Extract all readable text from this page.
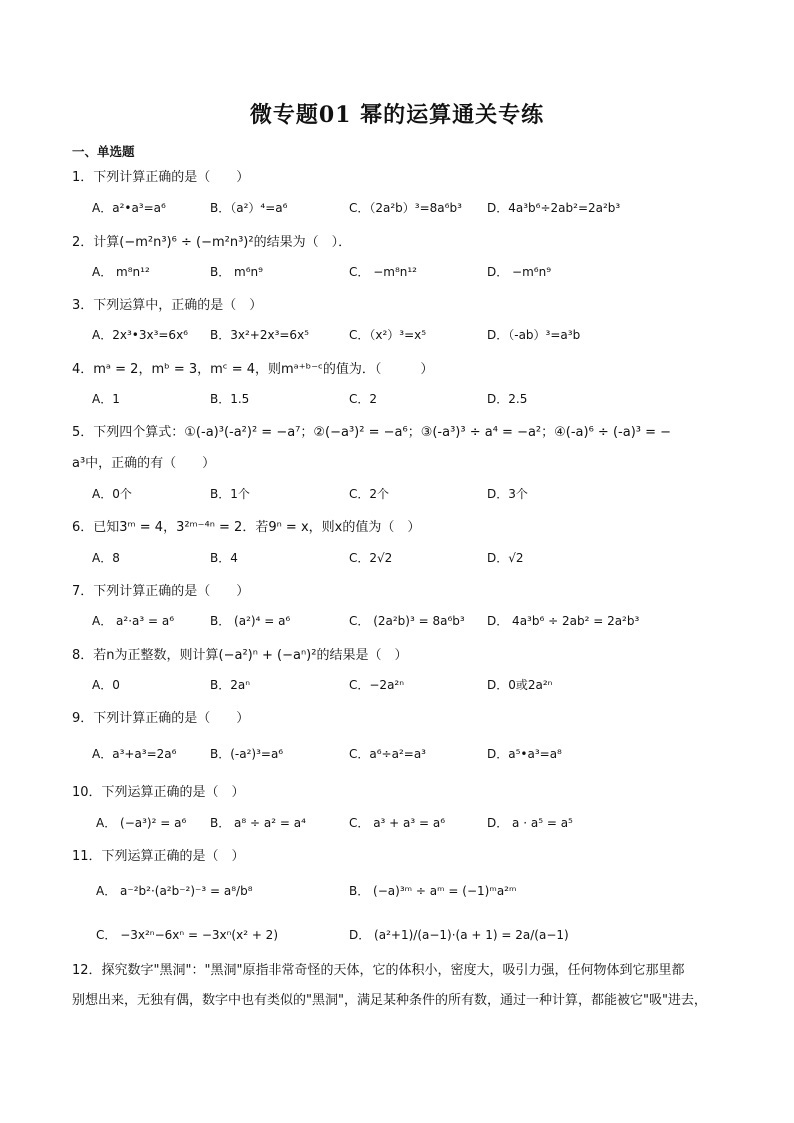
微专题01 幂的运算通关专练
一、单选题
1．下列计算正确的是（　　）
A．a²•a³=a⁶	B．（a²）⁴=a⁶	C．（2a²b）³=8a⁶b³ D．4a³b⁶÷2ab²=2a²b³
2．计算(−m²n³)⁶ ÷ (−m²n³)²的结果为（　）．
A． m⁸n¹²	B． m⁶n⁹	C． −m⁸n¹²	D． −m⁶n⁹
3．下列运算中，正确的是（　）
A．2x³•3x³=6x⁶ B．3x²+2x³=6x⁵	C．（x²）³=x⁵	D．（-ab）³=a³b
4．mᵃ = 2，mᵇ = 3，mᶜ = 4，则mᵃ⁺ᵇ⁻ᶜ的值为．（　　　）
A．1	B．1.5	C．2	D．2.5
5．下列四个算式：①(-a)³(-a²)² = −a⁷；②(−a³)² = −a⁶；③(-a³)³ ÷ a⁴ = −a²；④(-a)⁶ ÷ (-a)³ = −
a³中，正确的有（　　）
A．0个	B．1个	C．2个	D．3个
6．已知3ᵐ = 4，3²ᵐ⁻⁴ⁿ = 2．若9ⁿ = x，则x的值为（　）
A．8	B．4	C．2√2	D．√2
7．下列计算正确的是（　　）
A． a²·a³ = a⁶	B． (a²)⁴ = a⁶	C． (2a²b)³ = 8a⁶b³ D． 4a³b⁶ ÷ 2ab² = 2a²b³
8．若n为正整数，则计算(−a²)ⁿ + (−aⁿ)²的结果是（　）
A．0	B．2aⁿ	C．−2a²ⁿ	D．0或2a²ⁿ
9．下列计算正确的是（　　）
A．a³+a³=2a⁶	B．(-a²)³=a⁶	C．a⁶÷a²=a³	D．a⁵•a³=a⁸
10．下列运算正确的是（　）
A． (−a³)² = a⁶ B． a⁸ ÷ a² = a⁴	C． a³ + a³ = a⁶	D． a · a⁵ = a⁵
11．下列运算正确的是（　）
A． a⁻²b²·(a²b⁻²)⁻³ = a⁸/b⁸	B． (−a)³ᵐ ÷ aᵐ = (−1)ᵐa²ᵐ
C． −3x²ⁿ−6xⁿ = −3xⁿ(x² + 2)	D． (a²+1)/(a−1)·(a + 1) = 2a/(a−1)
12．探究数字"黑洞"："黑洞"原指非常奇怪的天体，它的体积小，密度大，吸引力强，任何物体到它那里都
别想出来，无独有偶，数字中也有类似的"黑洞"，满足某种条件的所有数，通过一种计算，都能被它"吸"进去，
